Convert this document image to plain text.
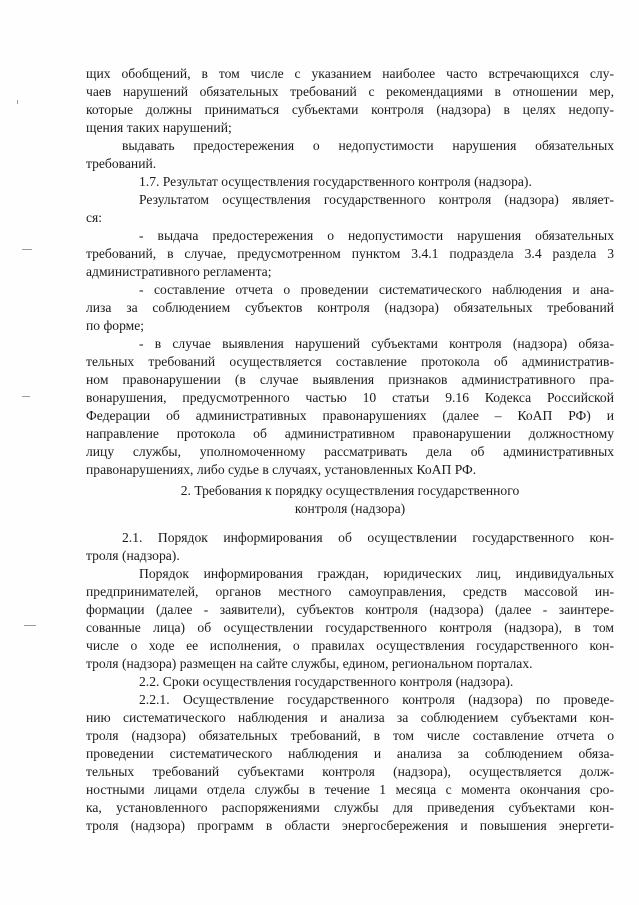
щих обобщений, в том числе с указанием наиболее часто встречающихся слу-
чаев нарушений обязательных требований с рекомендациями в отношении мер,
которые должны приниматься субъектами контроля (надзора) в целях недопу-
щения таких нарушений;
выдавать предостережения о недопустимости нарушения обязательных
требований.
1.7. Результат осуществления государственного контроля (надзора).
Результатом осуществления государственного контроля (надзора) являет-
ся:
- выдача предостережения о недопустимости нарушения обязательных
требований, в случае, предусмотренном пунктом 3.4.1 подраздела 3.4 раздела 3
административного регламента;
- составление отчета о проведении систематического наблюдения и ана-
лиза за соблюдением субъектов контроля (надзора) обязательных требований
по форме;
- в случае выявления нарушений субъектами контроля (надзора) обяза-
тельных требований осуществляется составление протокола об административ-
ном правонарушении (в случае выявления признаков административного пра-
вонарушения, предусмотренного частью 10 статьи 9.16 Кодекса Российской
Федерации об административных правонарушениях (далее – КоАП РФ) и
направление протокола об административном правонарушении должностному
лицу службы, уполномоченному рассматривать дела об административных
правонарушениях, либо судье в случаях, установленных КоАП РФ.
2. Требования к порядку осуществления государственного
контроля (надзора)
2.1. Порядок информирования об осуществлении государственного кон-
троля (надзора).
Порядок информирования граждан, юридических лиц, индивидуальных
предпринимателей, органов местного самоуправления, средств массовой ин-
формации (далее - заявители), субъектов контроля (надзора) (далее - заинтере-
сованные лица) об осуществлении государственного контроля (надзора), в том
числе о ходе ее исполнения, о правилах осуществления государственного кон-
троля (надзора) размещен на сайте службы, едином, региональном порталах.
2.2. Сроки осуществления государственного контроля (надзора).
2.2.1. Осуществление государственного контроля (надзора) по проведе-
нию систематического наблюдения и анализа за соблюдением субъектами кон-
троля (надзора) обязательных требований, в том числе составление отчета о
проведении систематического наблюдения и анализа за соблюдением обяза-
тельных требований субъектами контроля (надзора), осуществляется долж-
ностными лицами отдела службы в течение 1 месяца с момента окончания сро-
ка, установленного распоряжениями службы для приведения субъектами кон-
троля (надзора) программ в области энергосбережения и повышения энергети-
